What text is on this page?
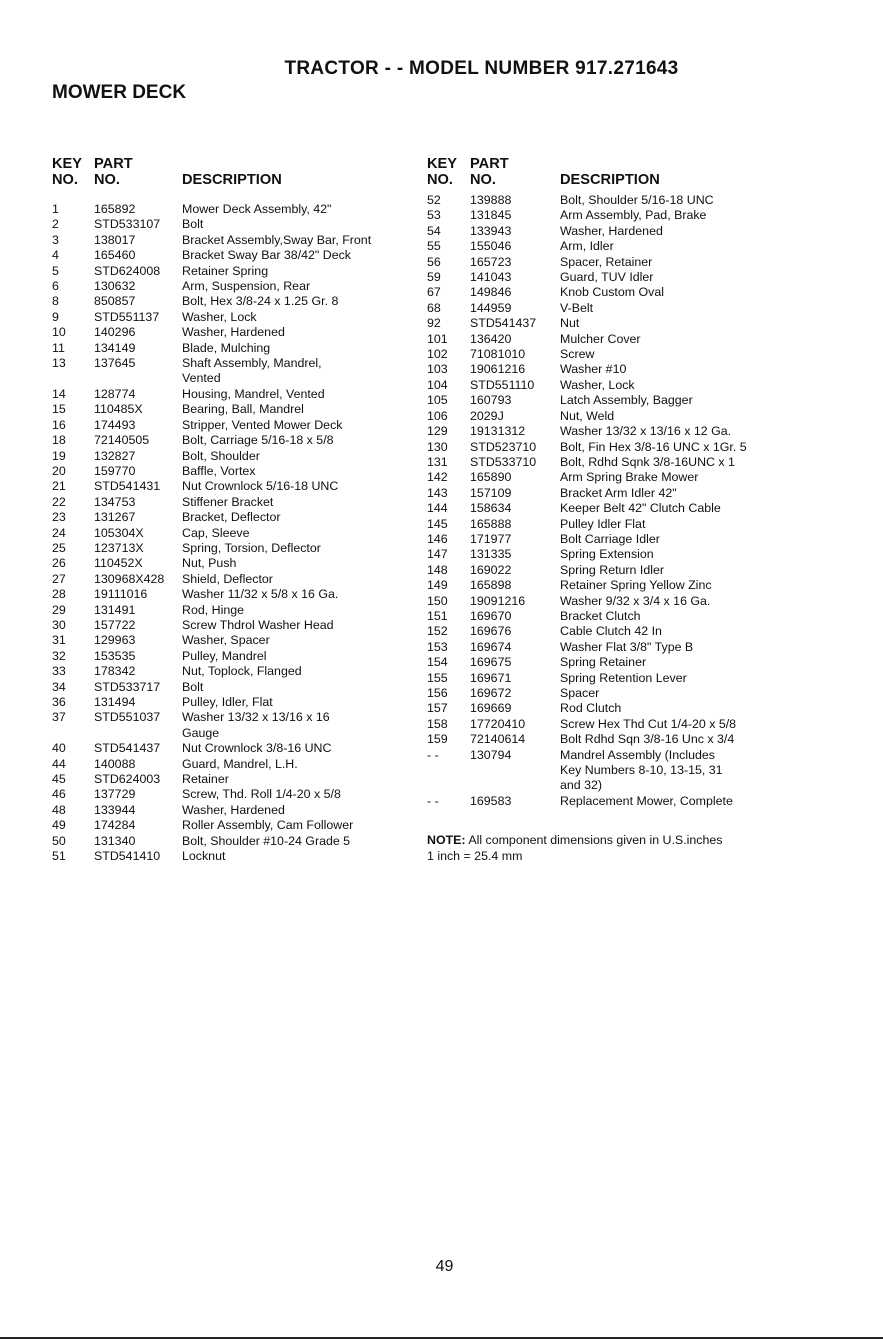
TRACTOR - - MODEL NUMBER 917.271643
MOWER DECK
KEY PART
NO.	NO.	DESCRIPTION
1	165892	Mower Deck Assembly, 42"
2	STD533107	Bolt
3	138017	Bracket Assembly,Sway Bar, Front
4	165460	Bracket Sway Bar 38/42" Deck
5	STD624008	Retainer Spring
6	130632	Arm, Suspension, Rear
8	850857	Bolt, Hex 3/8-24 x 1.25 Gr. 8
9	STD551137	Washer, Lock
10	140296	Washer, Hardened
11	134149	Blade, Mulching
13	137645	Shaft Assembly, Mandrel,
Vented
14	128774	Housing, Mandrel, Vented
15	110485X	Bearing, Ball, Mandrel
16	174493	Stripper, Vented Mower Deck
18	72140505	Bolt, Carriage 5/16-18 x 5/8
19	132827	Bolt, Shoulder
20	159770	Baffle, Vortex
21	STD541431	Nut Crownlock 5/16-18 UNC
22	134753	Stiffener Bracket
23	131267	Bracket, Deflector
24	105304X	Cap, Sleeve
25	123713X	Spring, Torsion, Deflector
26	110452X	Nut, Push
27	130968X428	Shield, Deflector
28	19111016	Washer 11/32 x 5/8 x 16 Ga.
29	131491	Rod, Hinge
30	157722	Screw Thdrol Washer Head
31	129963	Washer, Spacer
32	153535	Pulley, Mandrel
33	178342	Nut, Toplock, Flanged
34	STD533717	Bolt
36	131494	Pulley, Idler, Flat
37	STD551037	Washer 13/32 x 13/16 x 16
Gauge
40	STD541437	Nut Crownlock 3/8-16 UNC
44	140088	Guard, Mandrel, L.H.
45	STD624003	Retainer
46	137729	Screw, Thd. Roll 1/4-20 x 5/8
48	133944	Washer, Hardened
49	174284	Roller Assembly, Cam Follower
50	131340	Bolt, Shoulder #10-24 Grade 5
51	STD541410	Locknut
KEY PART
NO.	NO.	DESCRIPTION
52	139888	Bolt, Shoulder 5/16-18 UNC
53	131845	Arm Assembly, Pad, Brake
54	133943	Washer, Hardened
55	155046	Arm, Idler
56	165723	Spacer, Retainer
59	141043	Guard, TUV Idler
67	149846	Knob Custom Oval
68	144959	V-Belt
92	STD541437	Nut
101	136420	Mulcher Cover
102	71081010	Screw
103	19061216	Washer #10
104	STD551110	Washer, Lock
105	160793	Latch Assembly, Bagger
106	2029J	Nut, Weld
129	19131312	Washer 13/32 x 13/16 x 12 Ga.
130	STD523710	Bolt, Fin Hex 3/8-16 UNC x 1Gr. 5
131	STD533710	Bolt, Rdhd Sqnk 3/8-16UNC x 1
142	165890	Arm Spring Brake Mower
143	157109	Bracket Arm Idler 42"
144	158634	Keeper Belt 42" Clutch Cable
145	165888	Pulley Idler Flat
146	171977	Bolt Carriage Idler
147	131335	Spring Extension
148	169022	Spring Return Idler
149	165898	Retainer Spring Yellow Zinc
150	19091216	Washer 9/32 x 3/4 x 16 Ga.
151	169670	Bracket Clutch
152	169676	Cable Clutch 42 In
153	169674	Washer Flat 3/8" Type B
154	169675	Spring Retainer
155	169671	Spring Retention Lever
156	169672	Spacer
157	169669	Rod Clutch
158	17720410	Screw Hex Thd Cut 1/4-20 x 5/8
159	72140614	Bolt Rdhd Sqn 3/8-16 Unc x 3/4
- -	130794	Mandrel Assembly (Includes
Key Numbers 8-10, 13-15, 31
and 32)
- -	169583	Replacement Mower, Complete
NOTE: All component dimensions given in U.S.inches
1 inch = 25.4 mm
49
